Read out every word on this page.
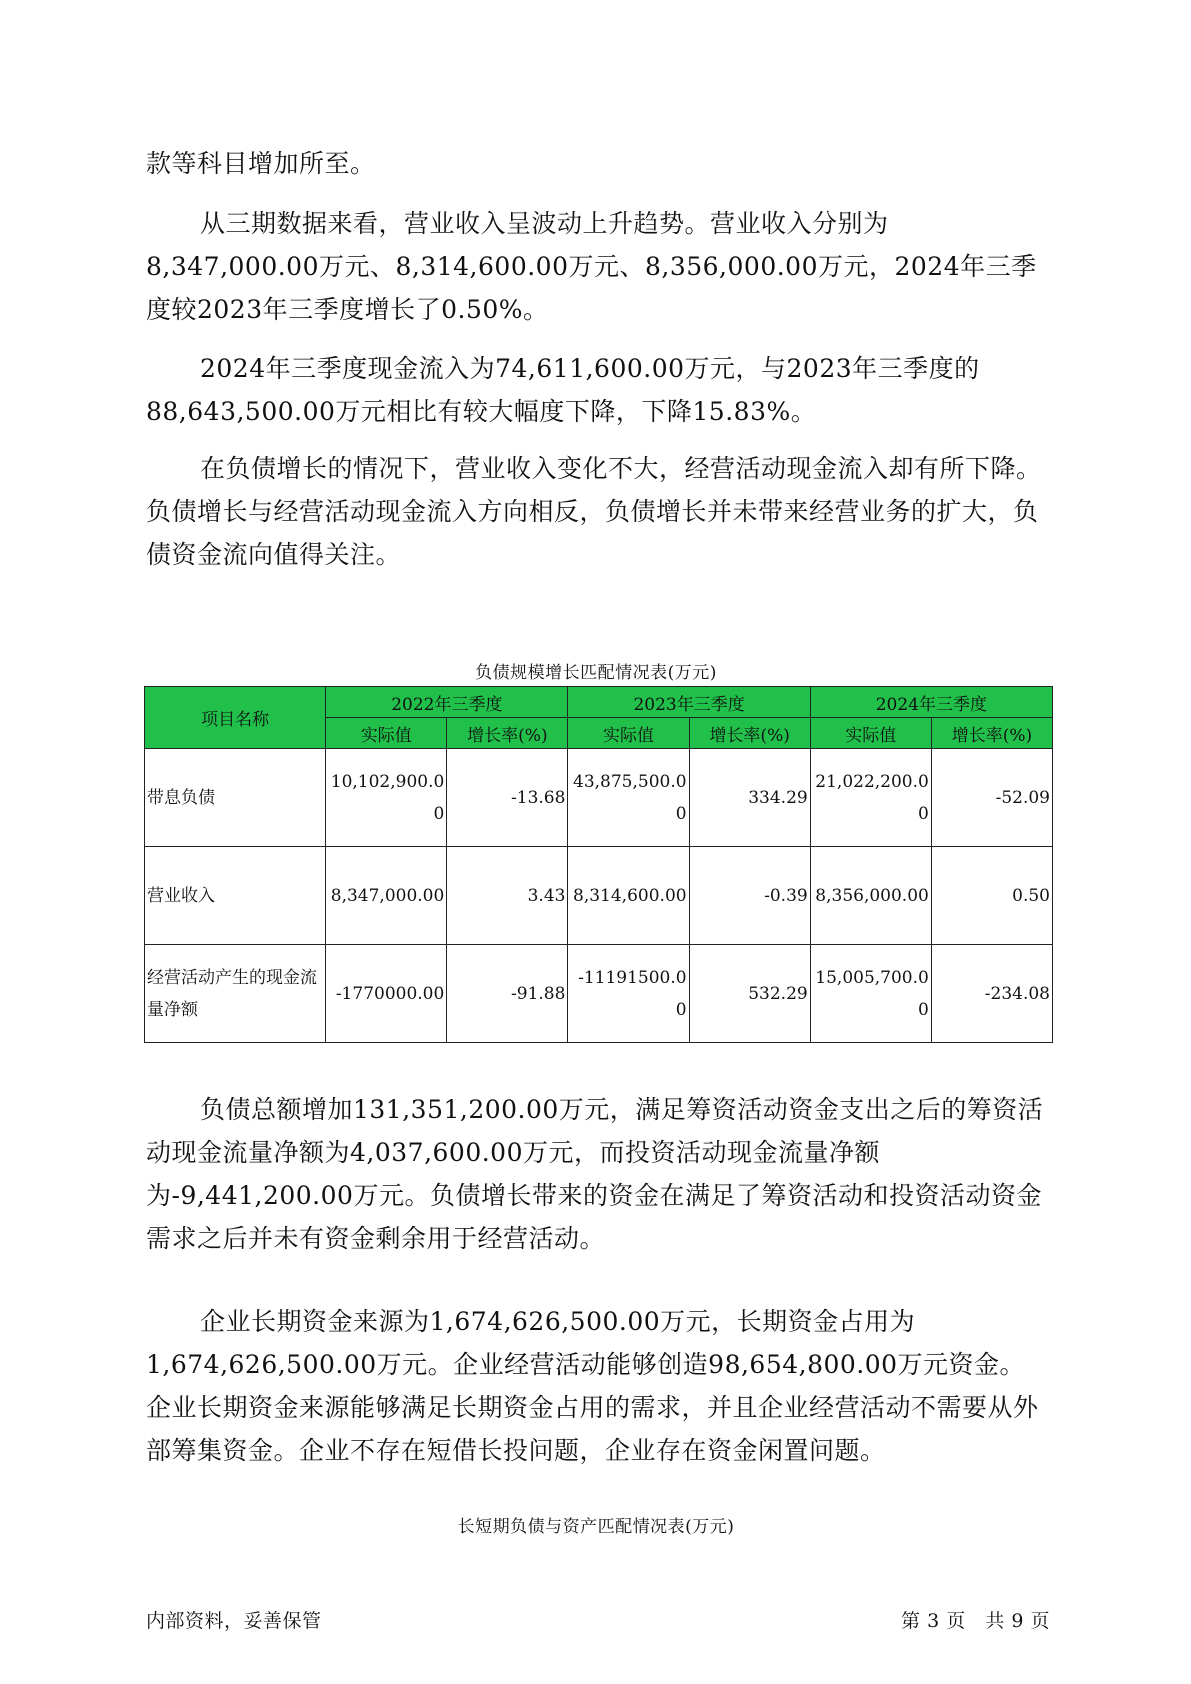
款等科目增加所至。

从三期数据来看，营业收入呈波动上升趋势。营业收入分别为8,347,000.00万元、8,314,600.00万元、8,356,000.00万元，2024年三季度较2023年三季度增长了0.50%。

2024年三季度现金流入为74,611,600.00万元，与2023年三季度的88,643,500.00万元相比有较大幅度下降，下降15.83%。

在负债增长的情况下，营业收入变化不大，经营活动现金流入却有所下降。负债增长与经营活动现金流入方向相反，负债增长并未带来经营业务的扩大，负债资金流向值得关注。

负债规模增长匹配情况表(万元)
项目名称	2022年三季度		2023年三季度		2024年三季度	
	实际值	增长率(%)	实际值	增长率(%)	实际值	增长率(%)
带息负债	10,102,900.00	-13.68	43,875,500.00	334.29	21,022,200.00	-52.09
营业收入	8,347,000.00	3.43	8,314,600.00	-0.39	8,356,000.00	0.50
经营活动产生的现金流量净额	-1770000.00	-91.88	-11191500.00	532.29	15,005,700.00	-234.08

负债总额增加131,351,200.00万元，满足筹资活动资金支出之后的筹资活动现金流量净额为4,037,600.00万元，而投资活动现金流量净额为-9,441,200.00万元。负债增长带来的资金在满足了筹资活动和投资活动资金需求之后并未有资金剩余用于经营活动。

企业长期资金来源为1,674,626,500.00万元，长期资金占用为1,674,626,500.00万元。企业经营活动能够创造98,654,800.00万元资金。企业长期资金来源能够满足长期资金占用的需求，并且企业经营活动不需要从外部筹集资金。企业不存在短借长投问题，企业存在资金闲置问题。

长短期负债与资产匹配情况表(万元)
内部资料，妥善保管	第 3 页   共 9 页
